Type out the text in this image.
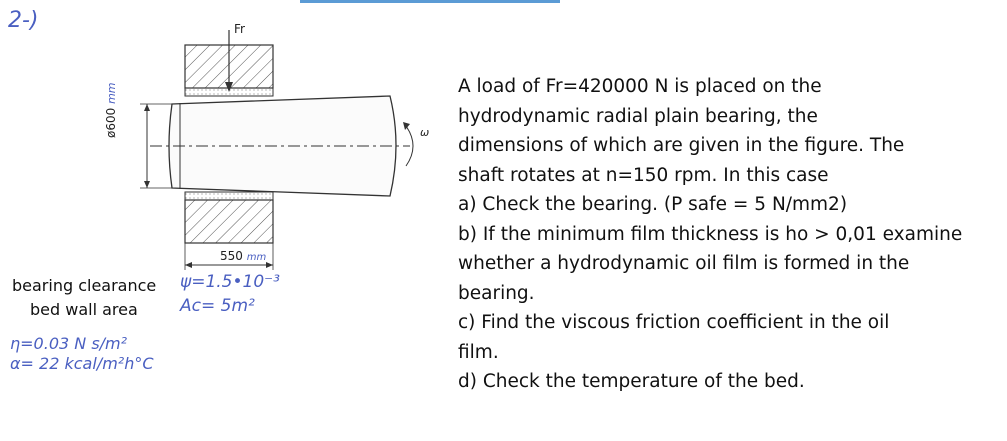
2-)	Fr
ω
ø600 mm
550 mm
bearing clearance ψ=1.5•10⁻³
bed wall area Ac= 5m²
η=0.03 N s/m²
α= 22 kcal/m²h°C
A load of Fr=420000 N is placed on the
hydrodynamic radial plain bearing, the
dimensions of which are given in the figure. The
shaft rotates at n=150 rpm. In this case
a) Check the bearing. (P safe = 5 N/mm2)
b) If the minimum film thickness is ho > 0,01 examine
whether a hydrodynamic oil film is formed in the
bearing.
c) Find the viscous friction coefficient in the oil
film.
d) Check the temperature of the bed.
